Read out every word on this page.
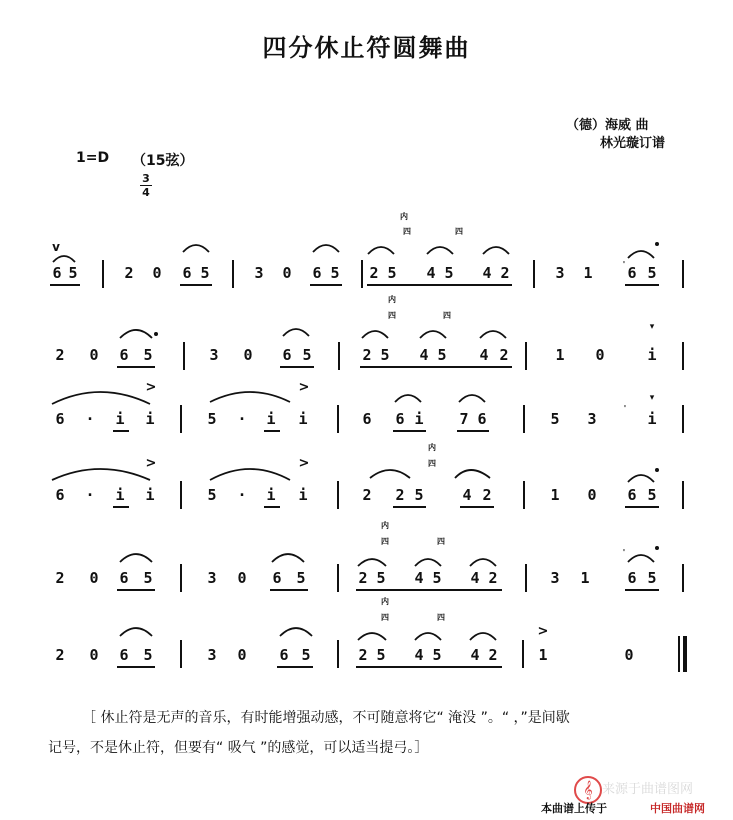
四分休止符圆舞曲
（德）海威 曲
林光璇订谱
1=D （15弦）
3
4
内
四	四
内
四	四
内
四
内
四	四
内
四	四
v
>	>
>	>
>
▾
▾
'
'
'
6 5	2 0 6 5	3 0 6 5 2 5 4 5 4 2	3 1 6 5
2 0 6 5	3 0 6 5	2 5 4 5 4 2	1 0	i
6 · i i	5 · i i	6 6 i 7 6	5 3	i
6 · i i	5 · i i	2 2 5	4 2	1 0 6 5
2 0 6 5	3 0 6 5	2 5 4 5 4 2	3 1	6 5
2 0 6 5	3 0 6 5	2 5 4 5 4 2	1	0
［ 休止符是无声的音乐，有时能增强动感，不可随意将它“ 淹没 ”。“ ，”是间歇
记号，不是休止符，但要有“ 吸气 ”的感觉，可以适当提弓。］
来源于曲谱图网
𝄞
本曲谱上传于	中国曲谱网
